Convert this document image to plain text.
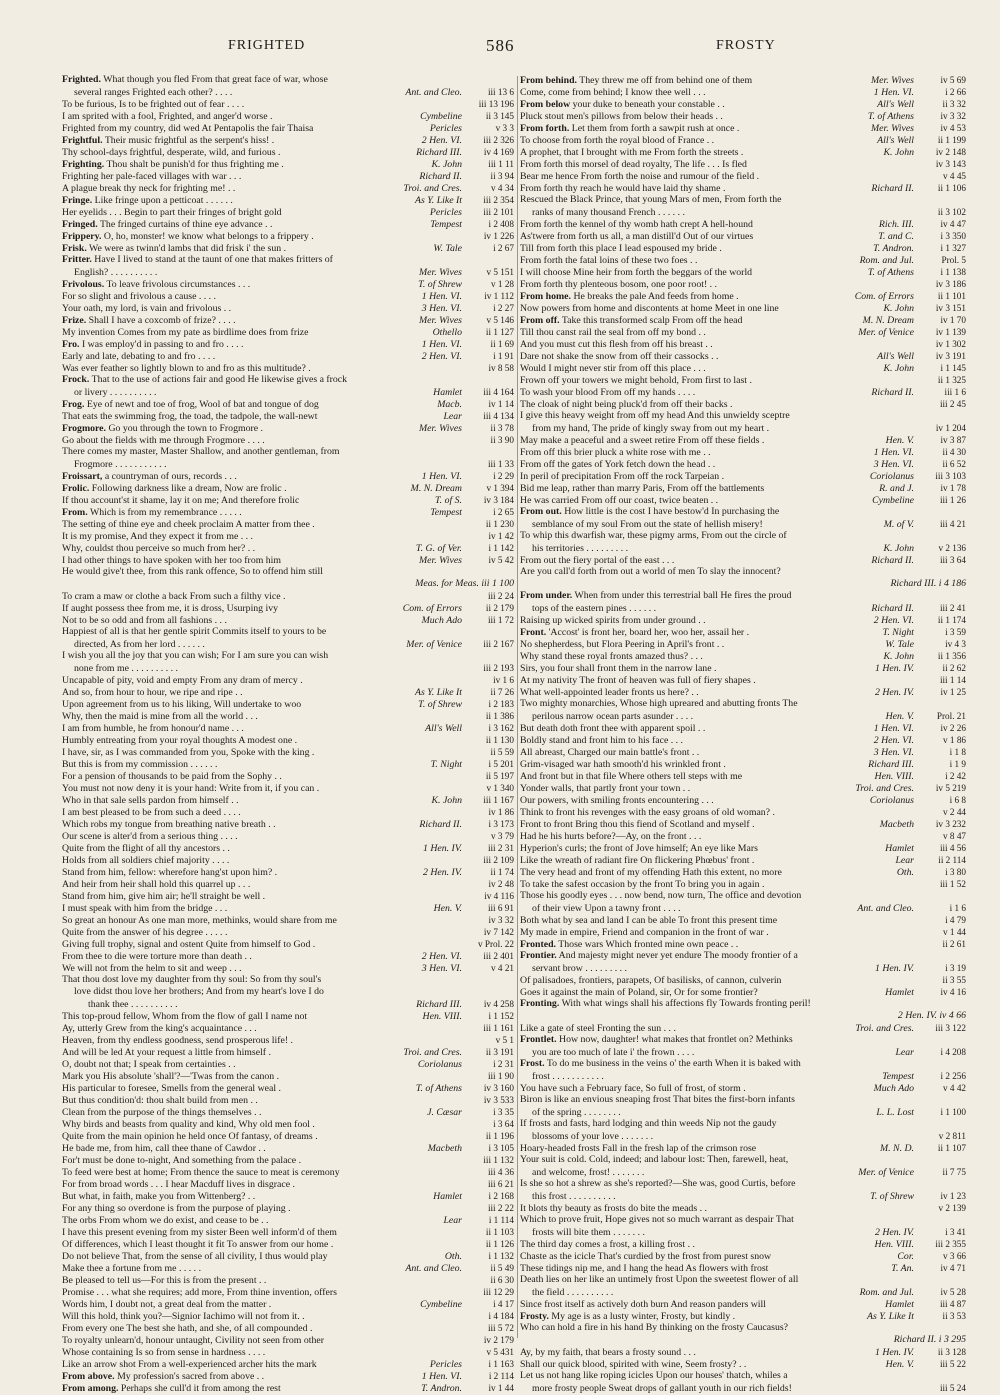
FRIGHTED	586	FROSTY
Frighted. What though you fled From that great face of war, whose
several ranges Frighted each other? . . . .	Ant. and Cleo.	iii 13 6
To be furious, Is to be frighted out of fear . . . .	iii 13 196
I am sprited with a fool, Frighted, and anger'd worse .	Cymbeline	ii 3 145
Frighted from my country, did wed At Pentapolis the fair Thaisa	Pericles	v 3 3
Frightful. Their music frightful as the serpent's hiss! .	2 Hen. VI.	iii 2 326
Thy school-days frightful, desperate, wild, and furious .	Richard III.	iv 4 169
Frighting. Thou shalt be punish'd for thus frighting me .	K. John	iii 1 11
Frighting her pale-faced villages with war . . .	Richard II.	ii 3 94
A plague break thy neck for frighting me! . .	Troi. and Cres.	v 4 34
Fringe. Like fringe upon a petticoat . . . . . .	As Y. Like It	iii 2 354
Her eyelids . . . Begin to part their fringes of bright gold	Pericles	iii 2 101
Fringed. The fringed curtains of thine eye advance . .	Tempest	i 2 408
Frippery. O, ho, monster! we know what belongs to a frippery .	iv 1 226
Frisk. We were as twinn'd lambs that did frisk i' the sun .	W. Tale	i 2 67
Fritter. Have I lived to stand at the taunt of one that makes fritters of
English? . . . . . . . . . .	Mer. Wives	v 5 151
Frivolous. To leave frivolous circumstances . . .	T. of Shrew	v 1 28
For so slight and frivolous a cause . . . .	1 Hen. VI.	iv 1 112
Your oath, my lord, is vain and frivolous . .	3 Hen. VI.	i 2 27
Frize. Shall I have a coxcomb of frize? . . . .	Mer. Wives	v 5 146
My invention Comes from my pate as birdlime does from frize	Othello	ii 1 127
Fro. I was employ'd in passing to and fro . . . .	1 Hen. VI.	ii 1 69
Early and late, debating to and fro . . . .	2 Hen. VI.	i 1 91
Was ever feather so lightly blown to and fro as this multitude? .	iv 8 58
Frock. That to the use of actions fair and good He likewise gives a frock
or livery . . . . . . . . . .	Hamlet	iii 4 164
Frog. Eye of newt and toe of frog, Wool of bat and tongue of dog	Macb.	iv 1 14
That eats the swimming frog, the toad, the tadpole, the wall-newt	Lear	iii 4 134
Frogmore. Go you through the town to Frogmore .	Mer. Wives	ii 3 78
Go about the fields with me through Frogmore . . . .	ii 3 90
There comes my master, Master Shallow, and another gentleman, from
Frogmore . . . . . . . . . . .	iii 1 33
Froissart, a countryman of ours, records . . .	1 Hen. VI.	i 2 29
Frolic. Following darkness like a dream, Now are frolic .	M. N. Dream	v 1 394
If thou account'st it shame, lay it on me; And therefore frolic	T. of S.	iv 3 184
From. Which is from my remembrance . . . . .	Tempest	i 2 65
The setting of thine eye and cheek proclaim A matter from thee .	ii 1 230
It is my promise, And they expect it from me . . .	iv 1 42
Why, couldst thou perceive so much from her? . .	T. G. of Ver.	i 1 142
I had other things to have spoken with her too from him	Mer. Wives	iv 5 42
He would give't thee, from this rank offence, So to offend him still
Meas. for Meas. iii 1 100
To cram a maw or clothe a back From such a filthy vice .	iii 2 24
If aught possess thee from me, it is dross, Usurping ivy	Com. of Errors	ii 2 179
Not to be so odd and from all fashions . . .	Much Ado	iii 1 72
Happiest of all is that her gentle spirit Commits itself to yours to be
directed, As from her lord . . . . . .	Mer. of Venice	iii 2 167
I wish you all the joy that you can wish; For I am sure you can wish
none from me . . . . . . . . . .	iii 2 193
Uncapable of pity, void and empty From any dram of mercy .	iv 1 6
And so, from hour to hour, we ripe and ripe . .	As Y. Like It	ii 7 26
Upon agreement from us to his liking, Will undertake to woo	T. of Shrew	i 2 183
Why, then the maid is mine from all the world . . .	ii 1 386
I am from humble, he from honour'd name . . .	All's Well	i 3 162
Humbly entreating from your royal thoughts A modest one .	ii 1 130
I have, sir, as I was commanded from you, Spoke with the king .	ii 5 59
But this is from my commission . . . . . .	T. Night	i 5 201
For a pension of thousands to be paid from the Sophy . .	ii 5 197
You must not now deny it is your hand: Write from it, if you can .	v 1 340
Who in that sale sells pardon from himself . .	K. John	iii 1 167
I am best pleased to be from such a deed . . . .	iv 1 86
Which robs my tongue from breathing native breath . .	Richard II.	i 3 173
Our scene is alter'd from a serious thing . . . .	v 3 79
Quite from the flight of all thy ancestors . .	1 Hen. IV.	iii 2 31
Holds from all soldiers chief majority . . . .	iii 2 109
Stand from him, fellow: wherefore hang'st upon him? .	2 Hen. IV.	ii 1 74
And heir from heir shall hold this quarrel up . . .	iv 2 48
Stand from him, give him air; he'll straight be well .	iv 4 116
I must speak with him from the bridge . . .	Hen. V.	iii 6 91
So great an honour As one man more, methinks, would share from me	iv 3 32
Quite from the answer of his degree . . . . .	iv 7 142
Giving full trophy, signal and ostent Quite from himself to God .	v Prol. 22
From thee to die were torture more than death . .	2 Hen. VI.	iii 2 401
We will not from the helm to sit and weep . . .	3 Hen. VI.	v 4 21
That thou dost love my daughter from thy soul: So from thy soul's
love didst thou love her brothers; And from my heart's love I do
thank thee . . . . . . . . . .	Richard III.	iv 4 258
This top-proud fellow, Whom from the flow of gall I name not	Hen. VIII.	i 1 152
Ay, utterly Grew from the king's acquaintance . . .	iii 1 161
Heaven, from thy endless goodness, send prosperous life! .	v 5 1
And will be led At your request a little from himself .	Troi. and Cres.	ii 3 191
O, doubt not that; I speak from certainties . .	Coriolanus	i 2 31
Mark you His absolute 'shall'?—'Twas from the canon .	iii 1 90
His particular to foresee, Smells from the general weal .	T. of Athens	iv 3 160
But thus condition'd: thou shalt build from men . .	iv 3 533
Clean from the purpose of the things themselves . .	J. Cæsar	i 3 35
Why birds and beasts from quality and kind, Why old men fool .	i 3 64
Quite from the main opinion he held once Of fantasy, of dreams .	ii 1 196
He bade me, from him, call thee thane of Cawdor . .	Macbeth	i 3 105
For't must be done to-night, And something from the palace .	iii 1 132
To feed were best at home; From thence the sauce to meat is ceremony	iii 4 36
For from broad words . . . I hear Macduff lives in disgrace .	iii 6 21
But what, in faith, make you from Wittenberg? . .	Hamlet	i 2 168
For any thing so overdone is from the purpose of playing .	iii 2 22
The orbs From whom we do exist, and cease to be . .	Lear	i 1 114
I have this present evening from my sister Been well inform'd of them	ii 1 103
Of differences, which I least thought it fit To answer from our home .	ii 1 126
Do not believe That, from the sense of all civility, I thus would play	Oth.	i 1 132
Make thee a fortune from me . . . . .	Ant. and Cleo.	ii 5 49
Be pleased to tell us—For this is from the present . .	ii 6 30
Promise . . . what she requires; add more, From thine invention, offers	iii 12 29
Words him, I doubt not, a great deal from the matter .	Cymbeline	i 4 17
Will this hold, think you?—Signior Iachimo will not from it. .	i 4 184
From every one The best she hath, and she, of all compounded .	iii 5 72
To royalty unlearn'd, honour untaught, Civility not seen from other	iv 2 179
Whose containing Is so from sense in hardness . . . .	v 5 431
Like an arrow shot From a well-experienced archer hits the mark	Pericles	i 1 163
From above. My profession's sacred from above . .	1 Hen. VI.	i 2 114
From among. Perhaps she cull'd it from among the rest	T. Andron.	iv 1 44
From behind. They threw me off from behind one of them	Mer. Wives	iv 5 69
Come, come from behind; I know thee well . . .	1 Hen. VI.	i 2 66
From below your duke to beneath your constable . .	All's Well	ii 3 32
Pluck stout men's pillows from below their heads . .	T. of Athens	iv 3 32
From forth. Let them from forth a sawpit rush at once .	Mer. Wives	iv 4 53
To choose from forth the royal blood of France . .	All's Well	ii 1 199
A prophet, that I brought with me From forth the streets .	K. John	iv 2 148
From forth this morsel of dead royalty, The life . . . Is fled	iv 3 143
Bear me hence From forth the noise and rumour of the field .	v 4 45
From forth thy reach he would have laid thy shame .	Richard II.	ii 1 106
Rescued the Black Prince, that young Mars of men, From forth the
ranks of many thousand French . . . . . .	ii 3 102
From forth the kennel of thy womb hath crept A hell-hound	Rich. III.	iv 4 47
As'twere from forth us all, a man distill'd Out of our virtues	T. and C.	i 3 350
Till from forth this place I lead espoused my bride .	T. Andron.	i 1 327
From forth the fatal loins of these two foes . .	Rom. and Jul.	Prol. 5
I will choose Mine heir from forth the beggars of the world	T. of Athens	i 1 138
From forth thy plenteous bosom, one poor root! . .	iv 3 186
From home. He breaks the pale And feeds from home .	Com. of Errors	ii 1 101
Now powers from home and discontents at home Meet in one line	K. John	iv 3 151
From off. Take this transformed scalp From off the head	M. N. Dream	iv 1 70
Till thou canst rail the seal from off my bond . .	Mer. of Venice	iv 1 139
And you must cut this flesh from off his breast . .	iv 1 302
Dare not shake the snow from off their cassocks . .	All's Well	iv 3 191
Would I might never stir from off this place . . .	K. John	i 1 145
Frown off your towers we might behold, From first to last .	ii 1 325
To wash your blood From off my hands . . . .	Richard II.	iii 1 6
The cloak of night being pluck'd from off their backs .	iii 2 45
I give this heavy weight from off my head And this unwieldy sceptre
from my hand, The pride of kingly sway from out my heart .	iv 1 204
May make a peaceful and a sweet retire From off these fields .	Hen. V.	iv 3 87
From off this brier pluck a white rose with me . .	1 Hen. VI.	ii 4 30
From off the gates of York fetch down the head . .	3 Hen. VI.	ii 6 52
In peril of precipitation From off the rock Tarpeian .	Coriolanus	iii 3 103
Bid me leap, rather than marry Paris, From off the battlements	R. and J.	iv 1 78
He was carried From off our coast, twice beaten . .	Cymbeline	iii 1 26
From out. How little is the cost I have bestow'd In purchasing the
semblance of my soul From out the state of hellish misery!	M. of V.	iii 4 21
To whip this dwarfish war, these pigmy arms, From out the circle of
his territories . . . . . . . . .	K. John	v 2 136
From out the fiery portal of the east . . .	Richard II.	iii 3 64
Are you call'd forth from out a world of men To slay the innocent?
Richard III. i 4 186
From under. When from under this terrestrial ball He fires the proud
tops of the eastern pines . . . . . .	Richard II.	iii 2 41
Raising up wicked spirits from under ground . .	2 Hen. VI.	ii 1 174
Front. 'Accost' is front her, board her, woo her, assail her .	T. Night	i 3 59
No shepherdess, but Flora Peering in April's front . .	W. Tale	iv 4 3
Why stand these royal fronts amazed thus? . . .	K. John	ii 1 356
Sirs, you four shall front them in the narrow lane .	1 Hen. IV.	ii 2 62
At my nativity The front of heaven was full of fiery shapes .	iii 1 14
What well-appointed leader fronts us here? . .	2 Hen. IV.	iv 1 25
Two mighty monarchies, Whose high upreared and abutting fronts The
perilous narrow ocean parts asunder . . . .	Hen. V.	Prol. 21
But death doth front thee with apparent spoil . .	1 Hen. VI.	iv 2 26
Boldly stand and front him to his face . . .	2 Hen. VI.	v 1 86
All abreast, Charged our main battle's front . .	3 Hen. VI.	i 1 8
Grim-visaged war hath smooth'd his wrinkled front .	Richard III.	i 1 9
And front but in that file Where others tell steps with me	Hen. VIII.	i 2 42
Yonder walls, that partly front your town . .	Troi. and Cres.	iv 5 219
Our powers, with smiling fronts encountering . . .	Coriolanus	i 6 8
Think to front his revenges with the easy groans of old woman? .	v 2 44
Front to front Bring thou this fiend of Scotland and myself .	Macbeth	iv 3 232
Had he his hurts before?—Ay, on the front . . .	v 8 47
Hyperion's curls; the front of Jove himself; An eye like Mars	Hamlet	iii 4 56
Like the wreath of radiant fire On flickering Phœbus' front .	Lear	ii 2 114
The very head and front of my offending Hath this extent, no more	Oth.	i 3 80
To take the safest occasion by the front To bring you in again .	iii 1 52
Those his goodly eyes . . . now bend, now turn, The office and devotion
of their view Upon a tawny front . . . .	Ant. and Cleo.	i 1 6
Both what by sea and land I can be able To front this present time	i 4 79
My made in empire, Friend and companion in the front of war .	v 1 44
Fronted. Those wars Which fronted mine own peace . .	ii 2 61
Frontier. And majesty might never yet endure The moody frontier of a
servant brow . . . . . . . . .	1 Hen. IV.	i 3 19
Of palisadoes, frontiers, parapets, Of basilisks, of cannon, culverin	ii 3 55
Goes it against the main of Poland, sir, Or for some frontier?	Hamlet	iv 4 16
Fronting. With what wings shall his affections fly Towards fronting peril!
2 Hen. IV. iv 4 66
Like a gate of steel Fronting the sun . . .	Troi. and Cres.	iii 3 122
Frontlet. How now, daughter! what makes that frontlet on? Methinks
you are too much of late i' the frown . . . .	Lear	i 4 208
Frost. To do me business in the veins o' the earth When it is baked with
frost . . . . . . . . . . .	Tempest	i 2 256
You have such a February face, So full of frost, of storm .	Much Ado	v 4 42
Biron is like an envious sneaping frost That bites the first-born infants
of the spring . . . . . . . .	L. L. Lost	i 1 100
If frosts and fasts, hard lodging and thin weeds Nip not the gaudy
blossoms of your love . . . . . . .	v 2 811
Hoary-headed frosts Fall in the fresh lap of the crimson rose	M. N. D.	ii 1 107
Your suit is cold. Cold, indeed; and labour lost: Then, farewell, heat,
and welcome, frost! . . . . . . .	Mer. of Venice	ii 7 75
Is she so hot a shrew as she's reported?—She was, good Curtis, before
this frost . . . . . . . . . .	T. of Shrew	iv 1 23
It blots thy beauty as frosts do bite the meads . .	v 2 139
Which to prove fruit, Hope gives not so much warrant as despair That
frosts will bite them . . . . . . .	2 Hen. IV.	i 3 41
The third day comes a frost, a killing frost . .	Hen. VIII.	iii 2 355
Chaste as the icicle That's curdied by the frost from purest snow	Cor.	v 3 66
These tidings nip me, and I hang the head As flowers with frost	T. An.	iv 4 71
Death lies on her like an untimely frost Upon the sweetest flower of all
the field . . . . . . . . . .	Rom. and Jul.	iv 5 28
Since frost itself as actively doth burn And reason panders will	Hamlet	iii 4 87
Frosty. My age is as a lusty winter, Frosty, but kindly .	As Y. Like It	ii 3 53
Who can hold a fire in his hand By thinking on the frosty Caucasus?
Richard II. i 3 295
Ay, by my faith, that bears a frosty sound . . .	1 Hen. IV.	ii 3 128
Shall our quick blood, spirited with wine, Seem frosty? . .	Hen. V.	iii 5 22
Let us not hang like roping icicles Upon our houses' thatch, whiles a
more frosty people Sweat drops of gallant youth in our rich fields!	iii 5 24
